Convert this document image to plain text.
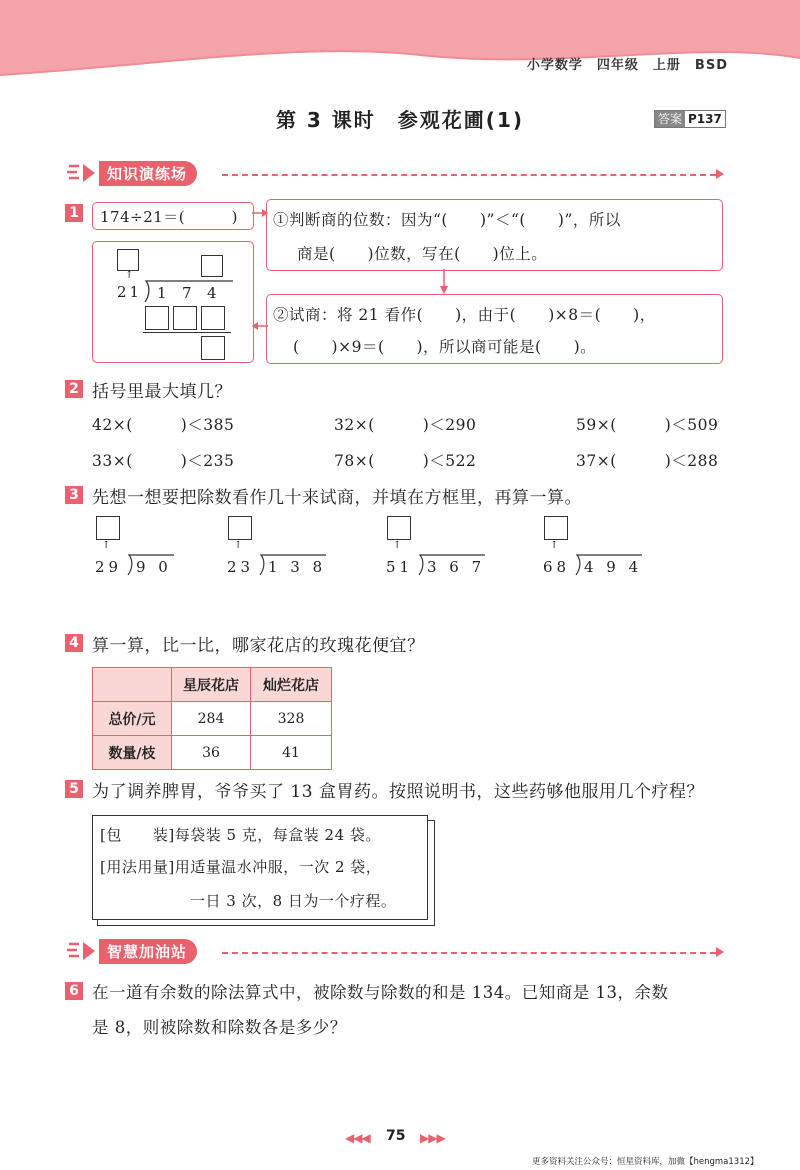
小学数学　四年级　上册　BSD
第 3 课时　参观花圃(1)	答案 P137
知识演练场
1 174÷21＝(　　　)
↑
21 1 7 4
①判断商的位数：因为“(　　)”＜“(　　)”，所以
商是(　　)位数，写在(　　)位上。
②试商：将 21 看作(　　)，由于(　　)×8＝(　　)，
(　　)×9＝(　　)，所以商可能是(　　)。
2 括号里最大填几？
42×(　　　)＜385	32×(　　　)＜290	59×(　　　)＜509
33×(　　　)＜235	78×(　　　)＜522	37×(　　　)＜288
3 先想一想要把除数看作几十来试商，并填在方框里，再算一算。
↑
29 9 0
↑
23 1 3 8
↑
51 3 6 7
↑
68 4 9 4
4 算一算，比一比，哪家花店的玫瑰花便宜？
	星辰花店	灿烂花店
总价/元	284	328
数量/枝	36	41
5 为了调养脾胃，爷爷买了 13 盒胃药。按照说明书，这些药够他服用几个疗程？
[包　　装]每袋装 5 克，每盒装 24 袋。
[用法用量]用适量温水冲服，一次 2 袋，
一日 3 次，8 日为一个疗程。
智慧加油站
6 在一道有余数的除法算式中，被除数与除数的和是 134。已知商是 13，余数
是 8，则被除数和除数各是多少？
◀◀◀ 75 ▶▶▶
更多资料关注公众号：恒星资料库，加微【hengma1312】
